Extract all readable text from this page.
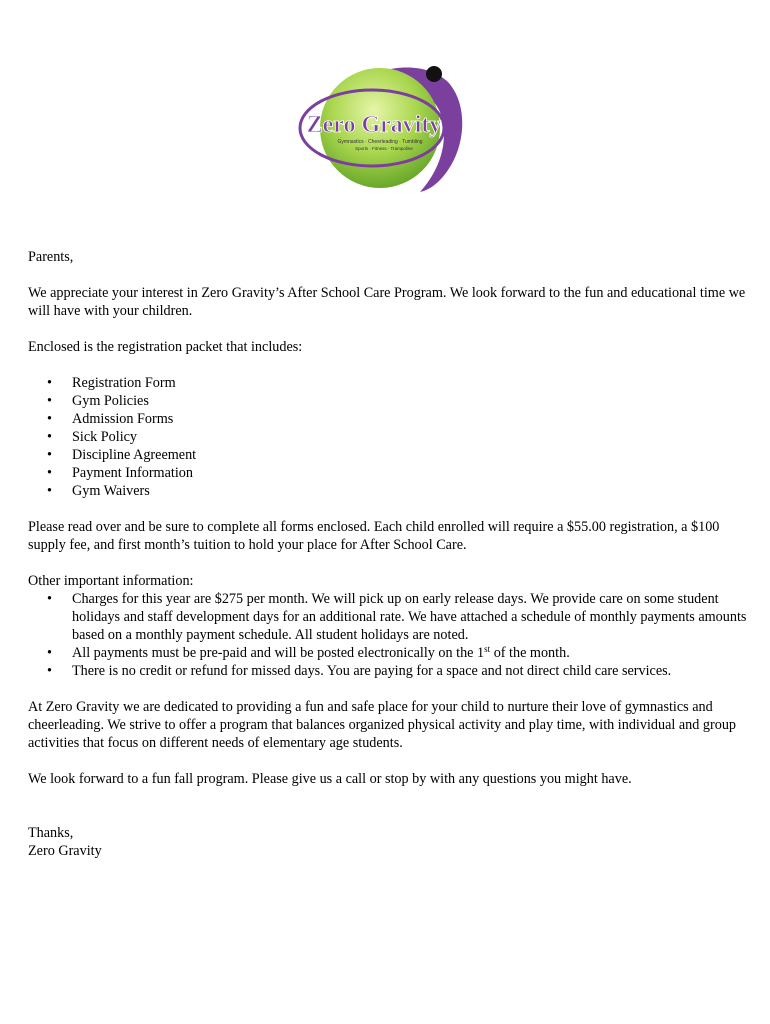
Zero Gravity
Gymnastics · Cheerleading · Tumbling
Sports · Fitness · Trampoline

Parents,

We appreciate your interest in Zero Gravity’s After School Care Program. We look forward to the fun and educational time we will have with your children.

Enclosed is the registration packet that includes:

• Registration Form
• Gym Policies
• Admission Forms
• Sick Policy
• Discipline Agreement
• Payment Information
• Gym Waivers

Please read over and be sure to complete all forms enclosed. Each child enrolled will require a $55.00 registration, a $100 supply fee, and first month’s tuition to hold your place for After School Care.

Other important information:
• Charges for this year are $275 per month. We will pick up on early release days. We provide care on some student holidays and staff development days for an additional rate. We have attached a schedule of monthly payments amounts based on a monthly payment schedule. All student holidays are noted.
• All payments must be pre-paid and will be posted electronically on the 1st of the month.
• There is no credit or refund for missed days. You are paying for a space and not direct child care services.

At Zero Gravity we are dedicated to providing a fun and safe place for your child to nurture their love of gymnastics and cheerleading. We strive to offer a program that balances organized physical activity and play time, with individual and group activities that focus on different needs of elementary age students.

We look forward to a fun fall program. Please give us a call or stop by with any questions you might have.

Thanks,
Zero Gravity
